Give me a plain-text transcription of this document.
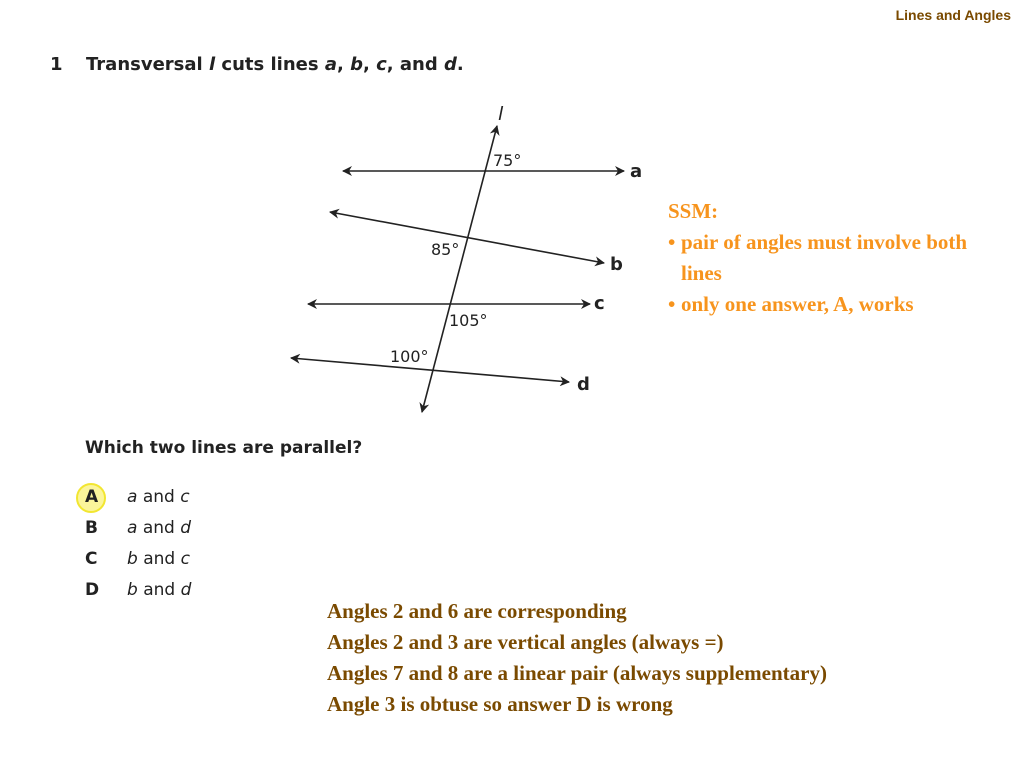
Lines and Angles
1 Transversal l cuts lines a, b, c, and d.
l
a
b
c
d
75°
85°
105°
100°
SSM:
• pair of angles must involve both lines
• only one answer, A, works
Which two lines are parallel?
A a and c
B a and d
C b and c
D b and d
Angles 2 and 6 are corresponding
Angles 2 and 3 are vertical angles (always =)
Angles 7 and 8 are a linear pair (always supplementary)
Angle 3 is obtuse so answer D is wrong
